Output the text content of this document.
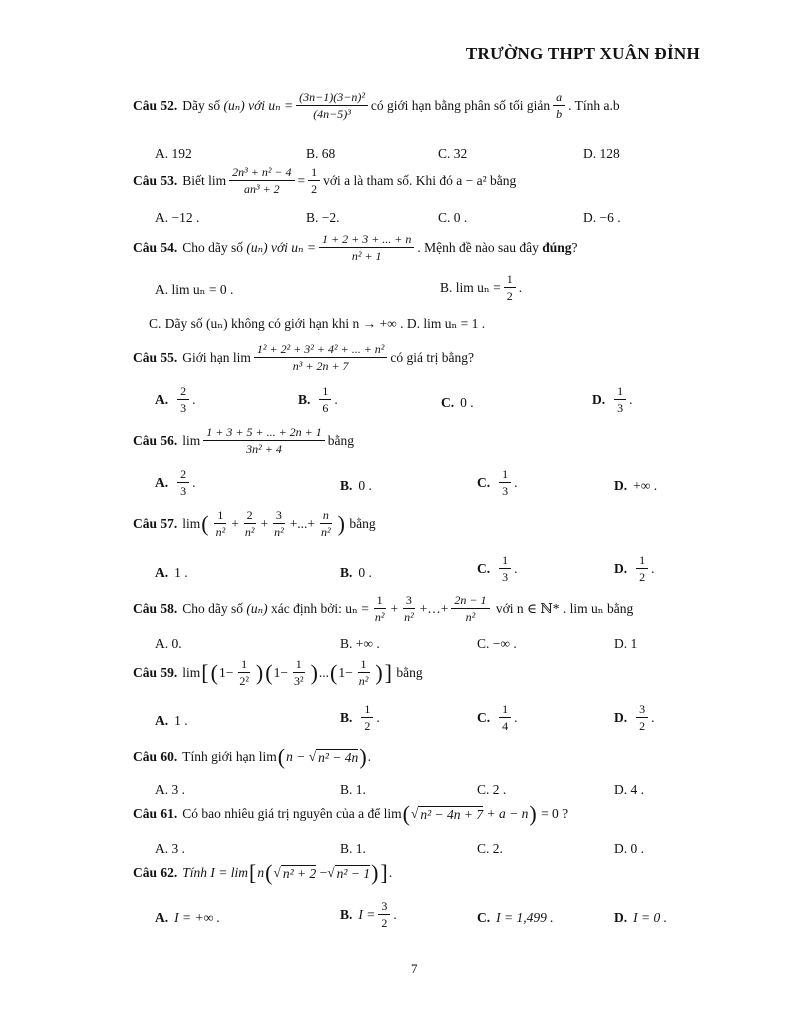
TRƯỜNG THPT XUÂN ĐỈNH
Câu 52. Dãy số
(uₙ)
với $u_n = \frac{\text{(3n−1)(3−n)²}}{\text{(4n−5)³}}$ có giới hạn bằng phân số tối giản $\frac{a}{b}$ . Tính a.b
A. 192	B. 68	C. 32	D. 128
Câu 53. Biết $\lim \frac{\text{2n³ + n² − 4}}{\text{an³ + 2}} = \frac{1}{2}$ với a là tham số. Khi đó a − a² bằng
A. −12 .	B. −2.	C. 0 .	D. −6 .
Câu 54. Cho dãy số
(uₙ)
với $u_n = \frac{1 + 2 + 3 + ... + n}{\text{n² + 1}}$ . Mệnh đề nào sau đây
đúng ?
A. lim uₙ = 0 .	B. $\lim u_n = \frac{1}{2}$ .
C. Dãy số (uₙ) không có giới hạn khi n → +∞ . D. lim uₙ = 1 .
Câu 55. Giới hạn $\lim \frac{\text{1² + 2² + 3² + 4² + ... + n²}}{\text{n³ + 2n + 7}}$ có giá trị bằng?
A. $\frac{2}{3}$ .	B. $\frac{1}{6}$ .	C. 0 .	D. $\frac{1}{3}$ .
Câu 56. $\lim \frac{1 + 3 + 5 + ... + 2n + 1}{\text{3n² + 4}}$ bằng
A. $\frac{2}{3}$ .	B. 0 .	C. $\frac{1}{3}$ .	D. +∞ .
Câu 57. lim ( $\frac{1}{\text{n²}} + \frac{2}{\text{n²}} + \frac{3}{\text{n²}}$ +...+ $\frac{n}{\text{n²}}$ )
bằng
A. 1 .	B. 0 .	C. $\frac{1}{3}$ .	D. $\frac{1}{2}$ .
Câu 58. Cho dãy số
(uₙ)
xác định bởi: $u_n = \frac{1}{\text{n²}} + \frac{3}{\text{n²}}$ +…+ $\frac{2n - 1}{\text{n²}}$
với n ∈ ℕ* . lim uₙ bằng
A. 0.	B. +∞ .	C. −∞ .	D. 1
Câu 59. lim [ ( $1- \frac{1}{\text{2²}}$ ) ( $1- \frac{1}{\text{3²}}$ ) ... ( $1- \frac{1}{\text{n²}}$ ) ]
bằng
A. 1 .	B. $\frac{1}{2}$ .	C. $\frac{1}{4}$ .	D. $\frac{3}{2}$ .
Câu 60. Tính giới hạn lim ( n − √ n² − 4n ) .
A. 3 .	B. 1.	C. 2 .	D. 4 .
Câu 61. Có bao nhiêu giá trị nguyên của a để lim ( √ n² − 4n + 7
+ a − n )
= 0 ?
A. 3 .	B. 1.	C. 2.	D. 0 .
Câu 62. Tính I = lim [ n ( √ n² + 2 −√ n² − 1 ) ] .
A. I = +∞ .	B. $I = \frac{3}{2}$ .	C. I = 1,499 .	D. I = 0 .
7
